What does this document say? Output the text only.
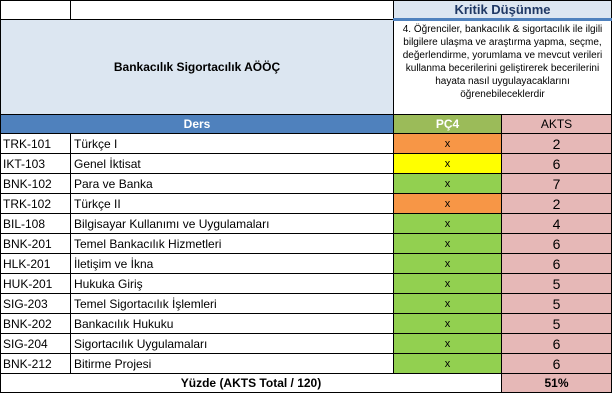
		Kritik Düşünme	
Bankacılık Sigortacılık AÖÖÇ		4. Öğrenciler, bankacılık & sigortacılık ile ilgili bilgilere ulaşma ve araştırma yapma, seçme, değerlendirme, yorumlama ve mevcut verileri kullanma becerilerini geliştirerek becerilerini hayata nasıl uygulayacaklarını öğrenebileceklerdir	
Ders		PÇ4	AKTS
TRK-101	Türkçe I	x	2
IKT-103	Genel İktisat	x	6
BNK-102	Para ve Banka	x	7
TRK-102	Türkçe II	x	2
BIL-108	Bilgisayar Kullanımı ve Uygulamaları	x	4
BNK-201	Temel Bankacılık Hizmetleri	x	6
HLK-201	İletişim ve İkna	x	6
HUK-201	Hukuka Giriş	x	5
SIG-203	Temel Sigortacılık İşlemleri	x	5
BNK-202	Bankacılık Hukuku	x	5
SIG-204	Sigortacılık Uygulamaları	x	6
BNK-212	Bitirme Projesi	x	6
Yüzde (AKTS Total / 120)			51%
